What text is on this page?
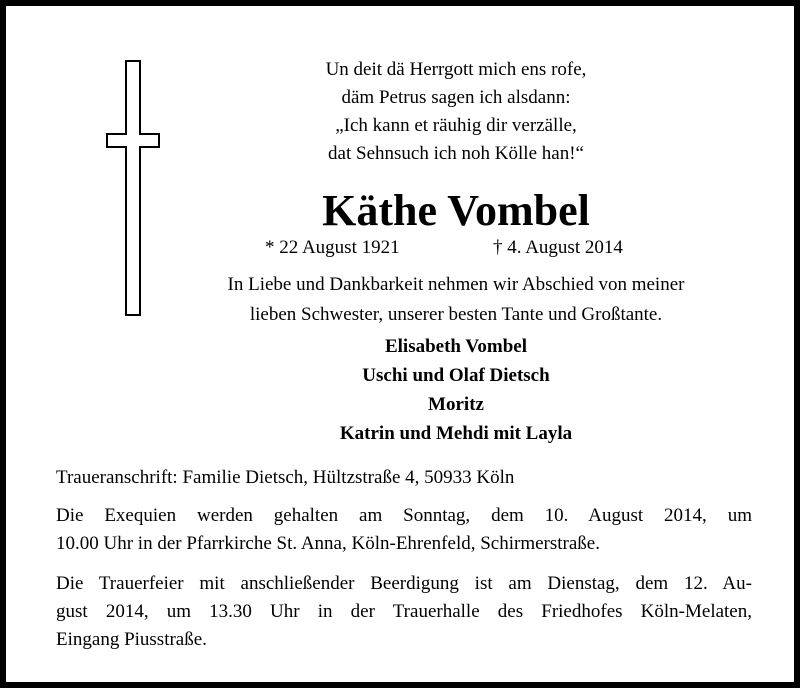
Un deit dä Herrgott mich ens rofe,
däm Petrus sagen ich alsdann:
„Ich kann et räuhig dir verzälle,
dat Sehnsuch ich noh Kölle han!“
Käthe Vombel
* 22 August 1921	† 4. August 2014
In Liebe und Dankbarkeit nehmen wir Abschied von meiner
lieben Schwester, unserer besten Tante und Großtante.
Elisabeth Vombel
Uschi und Olaf Dietsch
Moritz
Katrin und Mehdi mit Layla
Traueranschrift: Familie Dietsch, Hültzstraße 4, 50933 Köln
Die Exequien werden gehalten am Sonntag, dem 10. August 2014, um
10.00 Uhr in der Pfarrkirche St. Anna, Köln-Ehrenfeld, Schirmerstraße.
Die Trauerfeier mit anschließender Beerdigung ist am Dienstag, dem 12. Au-
gust 2014, um 13.30 Uhr in der Trauerhalle des Friedhofes Köln-Melaten,
Eingang Piusstraße.
